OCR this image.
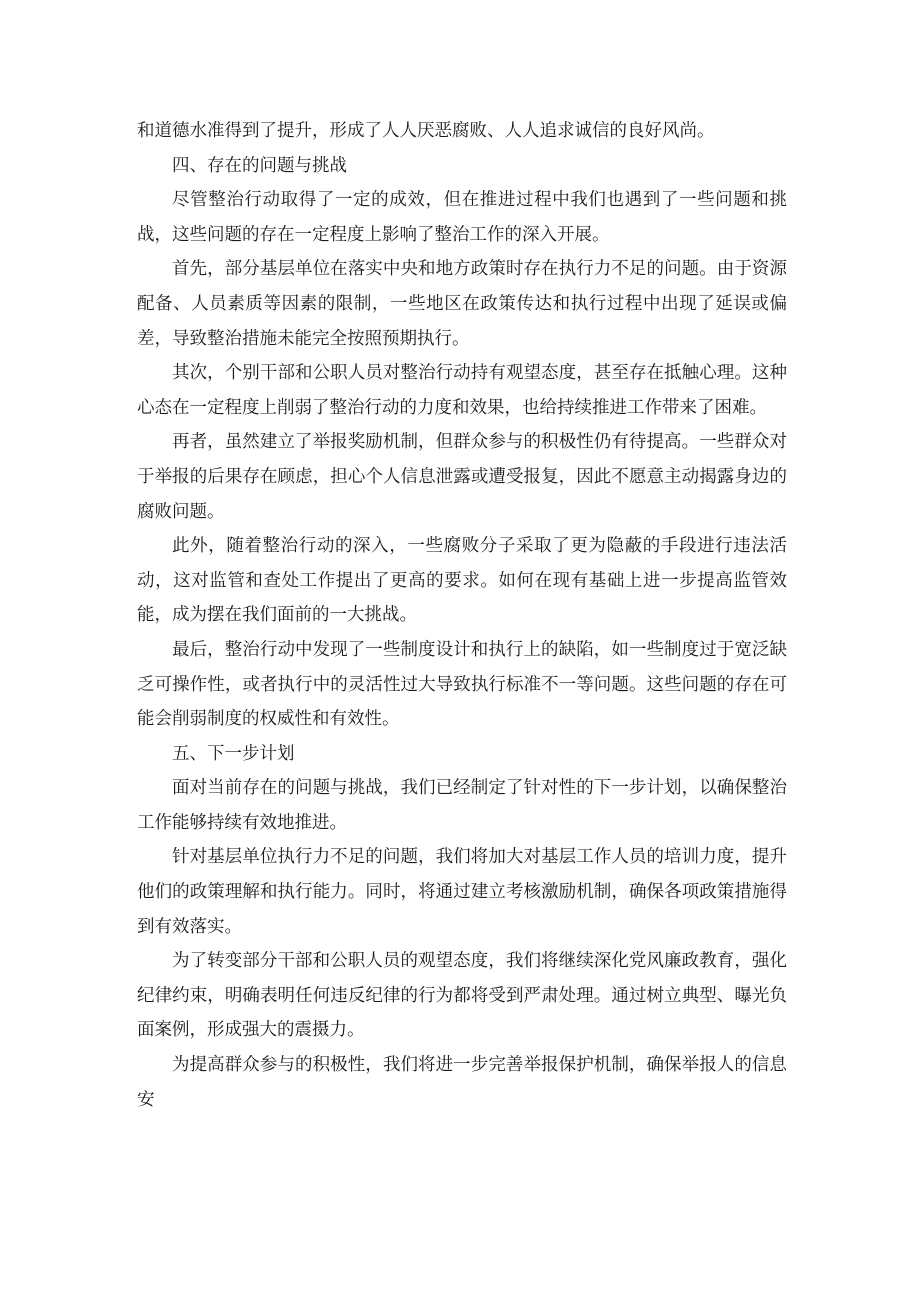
和道德水准得到了提升，形成了人人厌恶腐败、人人追求诚信的良好风尚。

四、存在的问题与挑战

尽管整治行动取得了一定的成效，但在推进过程中我们也遇到了一些问题和挑战，这些问题的存在一定程度上影响了整治工作的深入开展。

首先，部分基层单位在落实中央和地方政策时存在执行力不足的问题。由于资源配备、人员素质等因素的限制，一些地区在政策传达和执行过程中出现了延误或偏差，导致整治措施未能完全按照预期执行。

其次，个别干部和公职人员对整治行动持有观望态度，甚至存在抵触心理。这种心态在一定程度上削弱了整治行动的力度和效果，也给持续推进工作带来了困难。

再者，虽然建立了举报奖励机制，但群众参与的积极性仍有待提高。一些群众对于举报的后果存在顾虑，担心个人信息泄露或遭受报复，因此不愿意主动揭露身边的腐败问题。

此外，随着整治行动的深入，一些腐败分子采取了更为隐蔽的手段进行违法活动，这对监管和查处工作提出了更高的要求。如何在现有基础上进一步提高监管效能，成为摆在我们面前的一大挑战。

最后，整治行动中发现了一些制度设计和执行上的缺陷，如一些制度过于宽泛缺乏可操作性，或者执行中的灵活性过大导致执行标准不一等问题。这些问题的存在可能会削弱制度的权威性和有效性。

五、下一步计划

面对当前存在的问题与挑战，我们已经制定了针对性的下一步计划，以确保整治工作能够持续有效地推进。

针对基层单位执行力不足的问题，我们将加大对基层工作人员的培训力度，提升他们的政策理解和执行能力。同时，将通过建立考核激励机制，确保各项政策措施得到有效落实。

为了转变部分干部和公职人员的观望态度，我们将继续深化党风廉政教育，强化纪律约束，明确表明任何违反纪律的行为都将受到严肃处理。通过树立典型、曝光负面案例，形成强大的震摄力。

为提高群众参与的积极性，我们将进一步完善举报保护机制，确保举报人的信息安
